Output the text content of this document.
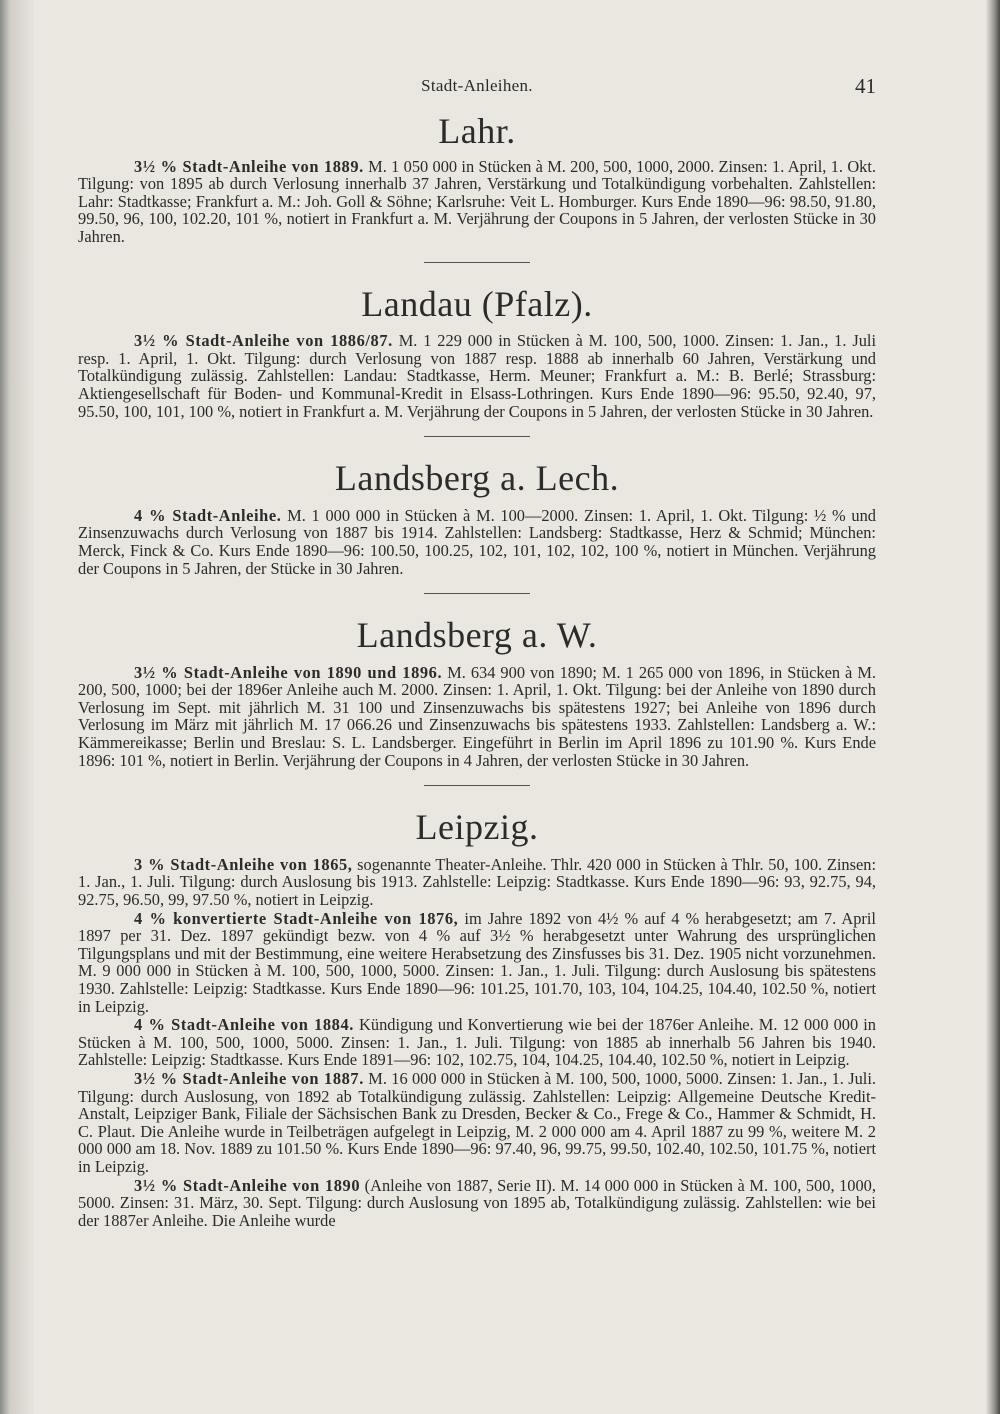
Stadt-Anleihen.	41
Lahr.

3½ % Stadt-Anleihe von 1889. M. 1 050 000 in Stücken à M. 200, 500, 1000, 2000. Zinsen: 1. April, 1. Okt. Tilgung: von 1895 ab durch Verlosung innerhalb 37 Jahren, Verstärkung und Totalkündigung vorbehalten. Zahlstellen: Lahr: Stadtkasse; Frankfurt a. M.: Joh. Goll & Söhne; Karlsruhe: Veit L. Homburger. Kurs Ende 1890—96: 98.50, 91.80, 99.50, 96, 100, 102.20, 101 %, notiert in Frankfurt a. M. Verjährung der Coupons in 5 Jahren, der verlosten Stücke in 30 Jahren.

Landau (Pfalz).

3½ % Stadt-Anleihe von 1886/87. M. 1 229 000 in Stücken à M. 100, 500, 1000. Zinsen: 1. Jan., 1. Juli resp. 1. April, 1. Okt. Tilgung: durch Verlosung von 1887 resp. 1888 ab innerhalb 60 Jahren, Verstärkung und Totalkündigung zulässig. Zahlstellen: Landau: Stadtkasse, Herm. Meuner; Frankfurt a. M.: B. Berlé; Strassburg: Aktiengesellschaft für Boden- und Kommunal-Kredit in Elsass-Lothringen. Kurs Ende 1890—96: 95.50, 92.40, 97, 95.50, 100, 101, 100 %, notiert in Frankfurt a. M. Verjährung der Coupons in 5 Jahren, der verlosten Stücke in 30 Jahren.

Landsberg a. Lech.

4 % Stadt-Anleihe. M. 1 000 000 in Stücken à M. 100—2000. Zinsen: 1. April, 1. Okt. Tilgung: ½ % und Zinsenzuwachs durch Verlosung von 1887 bis 1914. Zahlstellen: Landsberg: Stadtkasse, Herz & Schmid; München: Merck, Finck & Co. Kurs Ende 1890—96: 100.50, 100.25, 102, 101, 102, 102, 100 %, notiert in München. Verjährung der Coupons in 5 Jahren, der Stücke in 30 Jahren.

Landsberg a. W.

3½ % Stadt-Anleihe von 1890 und 1896. M. 634 900 von 1890; M. 1 265 000 von 1896, in Stücken à M. 200, 500, 1000; bei der 1896er Anleihe auch M. 2000. Zinsen: 1. April, 1. Okt. Tilgung: bei der Anleihe von 1890 durch Verlosung im Sept. mit jährlich M. 31 100 und Zinsenzuwachs bis spätestens 1927; bei Anleihe von 1896 durch Verlosung im März mit jährlich M. 17 066.26 und Zinsenzuwachs bis spätestens 1933. Zahlstellen: Landsberg a. W.: Kämmereikasse; Berlin und Breslau: S. L. Landsberger. Eingeführt in Berlin im April 1896 zu 101.90 %. Kurs Ende 1896: 101 %, notiert in Berlin. Verjährung der Coupons in 4 Jahren, der verlosten Stücke in 30 Jahren.

Leipzig.

3 % Stadt-Anleihe von 1865, sogenannte Theater-Anleihe. Thlr. 420 000 in Stücken à Thlr. 50, 100. Zinsen: 1. Jan., 1. Juli. Tilgung: durch Auslosung bis 1913. Zahlstelle: Leipzig: Stadtkasse. Kurs Ende 1890—96: 93, 92.75, 94, 92.75, 96.50, 99, 97.50 %, notiert in Leipzig.

4 % konvertierte Stadt-Anleihe von 1876, im Jahre 1892 von 4½ % auf 4 % herabgesetzt; am 7. April 1897 per 31. Dez. 1897 gekündigt bezw. von 4 % auf 3½ % herabgesetzt unter Wahrung des ursprünglichen Tilgungsplans und mit der Bestimmung, eine weitere Herabsetzung des Zinsfusses bis 31. Dez. 1905 nicht vorzunehmen. M. 9 000 000 in Stücken à M. 100, 500, 1000, 5000. Zinsen: 1. Jan., 1. Juli. Tilgung: durch Auslosung bis spätestens 1930. Zahlstelle: Leipzig: Stadtkasse. Kurs Ende 1890—96: 101.25, 101.70, 103, 104, 104.25, 104.40, 102.50 %, notiert in Leipzig.

4 % Stadt-Anleihe von 1884. Kündigung und Konvertierung wie bei der 1876er Anleihe. M. 12 000 000 in Stücken à M. 100, 500, 1000, 5000. Zinsen: 1. Jan., 1. Juli. Tilgung: von 1885 ab innerhalb 56 Jahren bis 1940. Zahlstelle: Leipzig: Stadtkasse. Kurs Ende 1891—96: 102, 102.75, 104, 104.25, 104.40, 102.50 %, notiert in Leipzig.

3½ % Stadt-Anleihe von 1887. M. 16 000 000 in Stücken à M. 100, 500, 1000, 5000. Zinsen: 1. Jan., 1. Juli. Tilgung: durch Auslosung, von 1892 ab Totalkündigung zulässig. Zahlstellen: Leipzig: Allgemeine Deutsche Kredit-Anstalt, Leipziger Bank, Filiale der Sächsischen Bank zu Dresden, Becker & Co., Frege & Co., Hammer & Schmidt, H. C. Plaut. Die Anleihe wurde in Teilbeträgen aufgelegt in Leipzig, M. 2 000 000 am 4. April 1887 zu 99 %, weitere M. 2 000 000 am 18. Nov. 1889 zu 101.50 %. Kurs Ende 1890—96: 97.40, 96, 99.75, 99.50, 102.40, 102.50, 101.75 %, notiert in Leipzig.

3½ % Stadt-Anleihe von 1890 (Anleihe von 1887, Serie II). M. 14 000 000 in Stücken à M. 100, 500, 1000, 5000. Zinsen: 31. März, 30. Sept. Tilgung: durch Auslosung von 1895 ab, Totalkündigung zulässig. Zahlstellen: wie bei der 1887er Anleihe. Die Anleihe wurde
